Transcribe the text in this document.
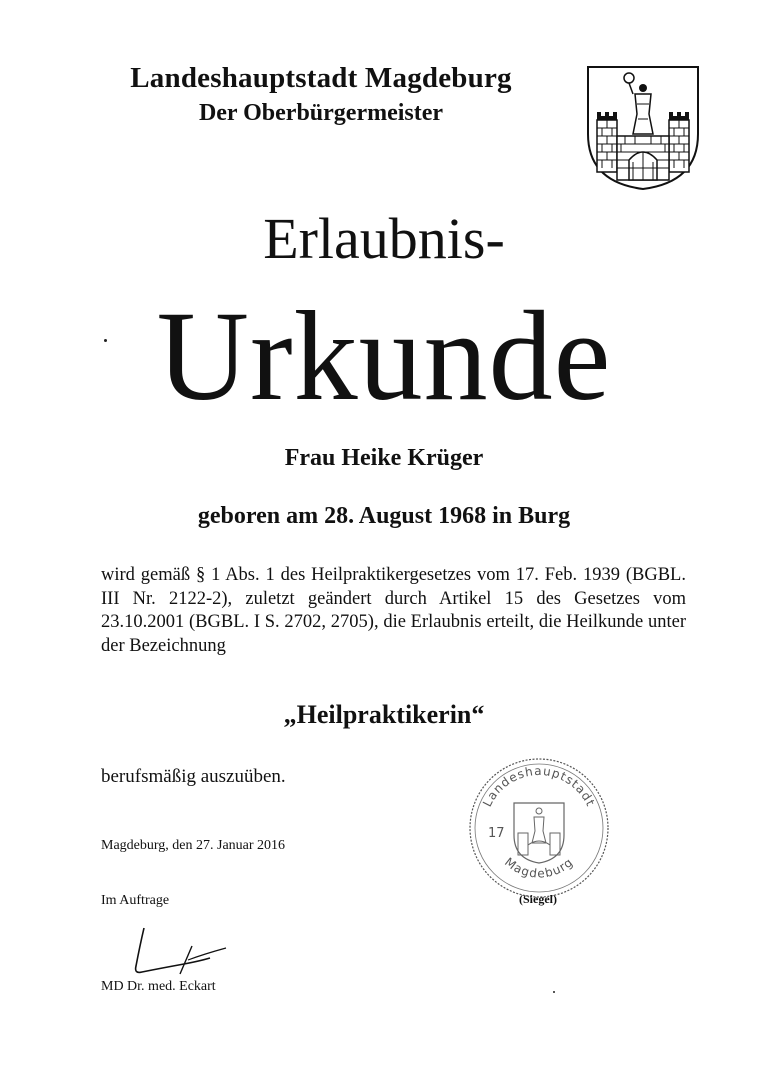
Landeshauptstadt Magdeburg
Der Oberbürgermeister
Erlaubnis-
Urkunde
Frau Heike Krüger
geboren am 28. August 1968 in Burg
wird gemäß § 1 Abs. 1 des Heilpraktikergesetzes vom 17. Feb. 1939 (BGBL. III Nr. 2122-2), zuletzt geändert durch Artikel 15 des Gesetzes vom 23.10.2001 (BGBL. I S. 2702, 2705), die Erlaubnis erteilt, die Heilkunde unter der Bezeichnung
„Heilpraktikerin“
berufsmäßig auszuüben.
Magdeburg, den 27. Januar 2016
Im Auftrage
MD Dr. med. Eckart
Landeshauptstadt
Magdeburg
17
(Siegel)
